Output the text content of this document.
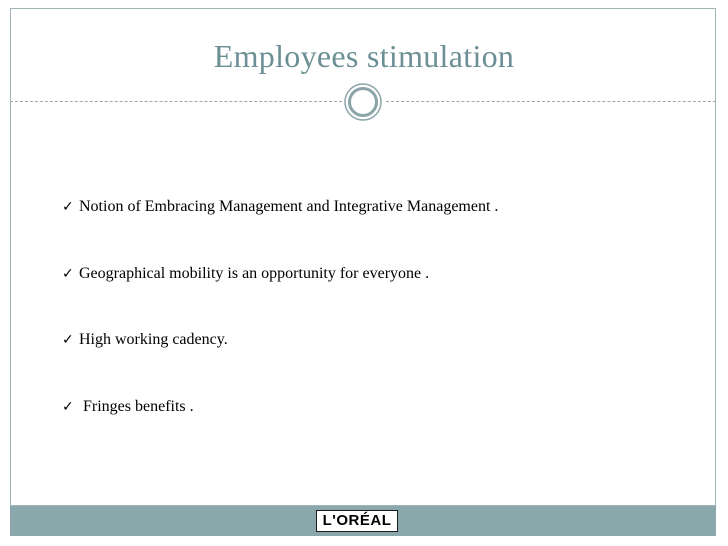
Employees stimulation
✓ Notion of Embracing Management and Integrative Management .
✓ Geographical mobility is an opportunity for everyone .
✓ High working cadency.
✓ Fringes benefits .
L'ORÉAL
